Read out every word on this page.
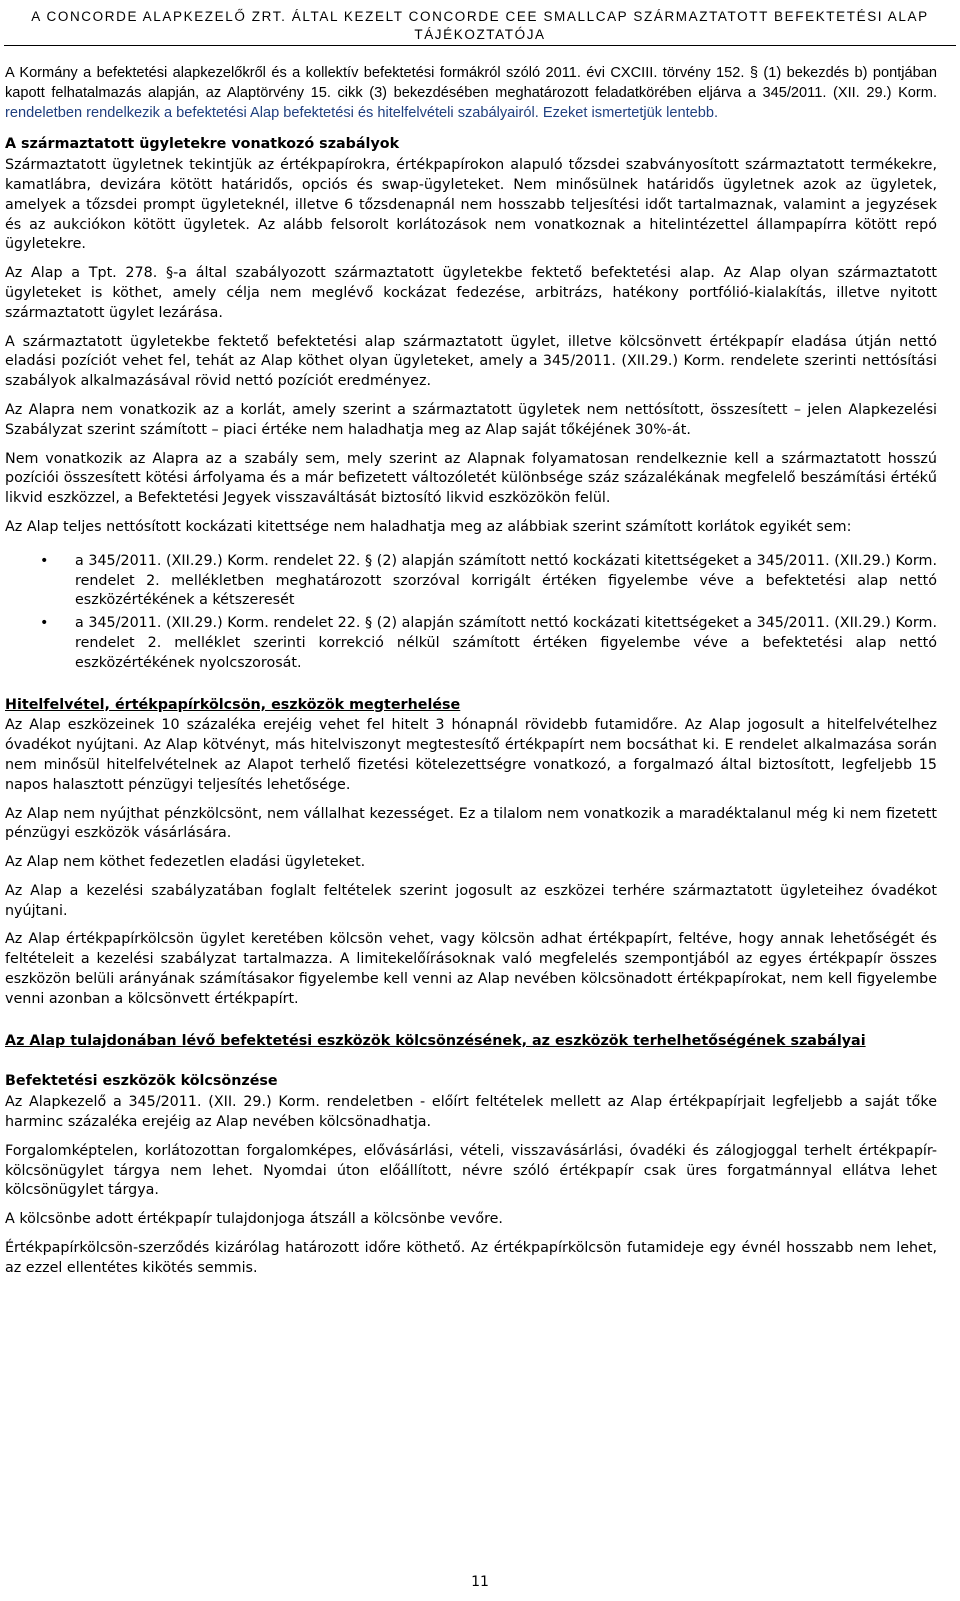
A CONCORDE ALAPKEZELŐ ZRT. ÁLTAL KEZELT CONCORDE CEE SMALLCAP SZÁRMAZTATOTT BEFEKTETÉSI ALAP
TÁJÉKOZTATÓJA

A Kormány a befektetési alapkezelőkről és a kollektív befektetési formákról szóló 2011. évi CXCIII. törvény 152. § (1) bekezdés b) pontjában kapott felhatalmazás alapján, az Alaptörvény 15. cikk (3) bekezdésében meghatározott feladatkörében eljárva a 345/2011. (XII. 29.) Korm. rendeletben rendelkezik a befektetési Alap befektetési és hitelfelvételi szabályairól. Ezeket ismertetjük lentebb.

A származtatott ügyletekre vonatkozó szabályok

Származtatott ügyletnek tekintjük az értékpapírokra, értékpapírokon alapuló tőzsdei szabványosított származtatott termékekre, kamatlábra, devizára kötött határidős, opciós és swap-ügyleteket. Nem minősülnek határidős ügyletnek azok az ügyletek, amelyek a tőzsdei prompt ügyleteknél, illetve 6 tőzsdenapnál nem hosszabb teljesítési időt tartalmaznak, valamint a jegyzések és az aukciókon kötött ügyletek. Az alább felsorolt korlátozások nem vonatkoznak a hitelintézettel állampapírra kötött repó ügyletekre.

Az Alap a Tpt. 278. §-a által szabályozott származtatott ügyletekbe fektető befektetési alap. Az Alap olyan származtatott ügyleteket is köthet, amely célja nem meglévő kockázat fedezése, arbitrázs, hatékony portfólió-kialakítás, illetve nyitott származtatott ügylet lezárása.

A származtatott ügyletekbe fektető befektetési alap származtatott ügylet, illetve kölcsönvett értékpapír eladása útján nettó eladási pozíciót vehet fel, tehát az Alap köthet olyan ügyleteket, amely a 345/2011. (XII.29.) Korm. rendelete szerinti nettósítási szabályok alkalmazásával rövid nettó pozíciót eredményez.

Az Alapra nem vonatkozik az a korlát, amely szerint a származtatott ügyletek nem nettósított, összesített – jelen Alapkezelési Szabályzat szerint számított – piaci értéke nem haladhatja meg az Alap saját tőkéjének 30%-át.

Nem vonatkozik az Alapra az a szabály sem, mely szerint az Alapnak folyamatosan rendelkeznie kell a származtatott hosszú pozíciói összesített kötési árfolyama és a már befizetett változóletét különbsége száz százalékának megfelelő beszámítási értékű likvid eszközzel, a Befektetési Jegyek visszaváltását biztosító likvid eszközökön felül.

Az Alap teljes nettósított kockázati kitettsége nem haladhatja meg az alábbiak szerint számított korlátok egyikét sem:

• a 345/2011. (XII.29.) Korm. rendelet 22. § (2) alapján számított nettó kockázati kitettségeket a 345/2011. (XII.29.) Korm. rendelet 2. mellékletben meghatározott szorzóval korrigált értéken figyelembe véve a befektetési alap nettó eszközértékének a kétszeresét
• a 345/2011. (XII.29.) Korm. rendelet 22. § (2) alapján számított nettó kockázati kitettségeket a 345/2011. (XII.29.) Korm. rendelet 2. melléklet szerinti korrekció nélkül számított értéken figyelembe véve a befektetési alap nettó eszközértékének nyolcszorosát.
Hitelfelvétel, értékpapírkölcsön, eszközök megterhelése

Az Alap eszközeinek 10 százaléka erejéig vehet fel hitelt 3 hónapnál rövidebb futamidőre. Az Alap jogosult a hitelfelvételhez óvadékot nyújtani. Az Alap kötvényt, más hitelviszonyt megtestesítő értékpapírt nem bocsáthat ki. E rendelet alkalmazása során nem minősül hitelfelvételnek az Alapot terhelő fizetési kötelezettségre vonatkozó, a forgalmazó által biztosított, legfeljebb 15 napos halasztott pénzügyi teljesítés lehetősége.

Az Alap nem nyújthat pénzkölcsönt, nem vállalhat kezességet. Ez a tilalom nem vonatkozik a maradéktalanul még ki nem fizetett pénzügyi eszközök vásárlására.

Az Alap nem köthet fedezetlen eladási ügyleteket.

Az Alap a kezelési szabályzatában foglalt feltételek szerint jogosult az eszközei terhére származtatott ügyleteihez óvadékot nyújtani.

Az Alap értékpapírkölcsön ügylet keretében kölcsön vehet, vagy kölcsön adhat értékpapírt, feltéve, hogy annak lehetőségét és feltételeit a kezelési szabályzat tartalmazza. A limitekelőírásoknak való megfelelés szempontjából az egyes értékpapír összes eszközön belüli arányának számításakor figyelembe kell venni az Alap nevében kölcsönadott értékpapírokat, nem kell figyelembe venni azonban a kölcsönvett értékpapírt.

Az Alap tulajdonában lévő befektetési eszközök kölcsönzésének, az eszközök terhelhetőségének szabályai
Befektetési eszközök kölcsönzése

Az Alapkezelő a 345/2011. (XII. 29.) Korm. rendeletben - előírt feltételek mellett az Alap értékpapírjait legfeljebb a saját tőke harminc százaléka erejéig az Alap nevében kölcsönadhatja.

Forgalomképtelen, korlátozottan forgalomképes, elővásárlási, vételi, visszavásárlási, óvadéki és zálogjoggal terhelt értékpapír-kölcsönügylet tárgya nem lehet. Nyomdai úton előállított, névre szóló értékpapír csak üres forgatmánnyal ellátva lehet kölcsönügylet tárgya.

A kölcsönbe adott értékpapír tulajdonjoga átszáll a kölcsönbe vevőre.

Értékpapírkölcsön-szerződés kizárólag határozott időre köthető. Az értékpapírkölcsön futamideje egy évnél hosszabb nem lehet, az ezzel ellentétes kikötés semmis.

11
